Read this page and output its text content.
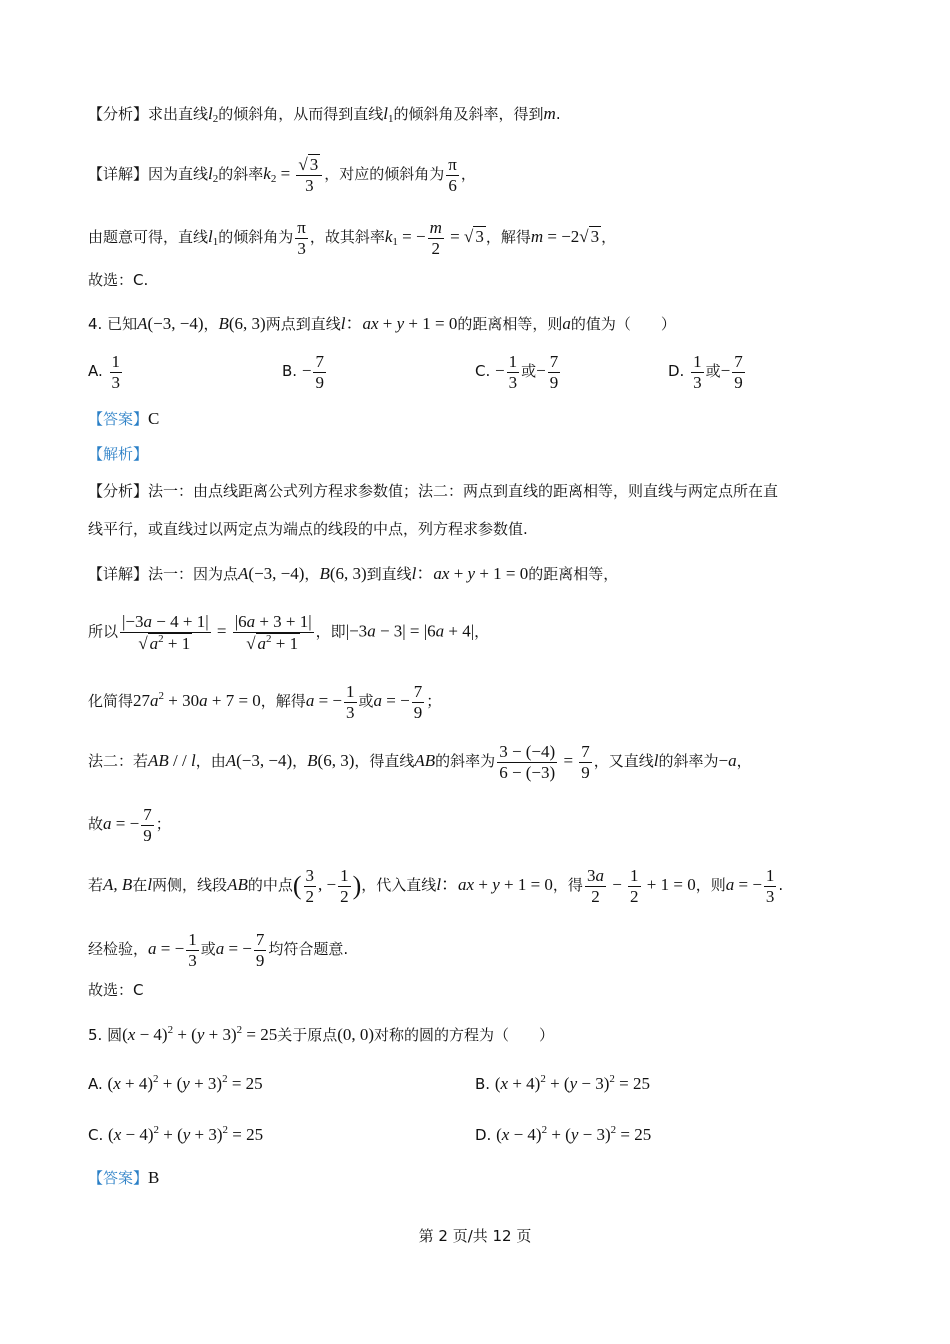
【分析】求出直线$l_2$的倾斜角，从而得到直线$l_1$的倾斜角及斜率，得到m.
【详解】因为直线$l_2$的斜率$k_2 = \frac{√ 3}{3}$ ，对应的倾斜角为 $\frac{\pi}{6}$ ，
由题意可得，直线$l_1$的倾斜角为 $\frac{\pi}{3}$ ，故其斜率$k_1$ = − $\frac{m}{2}$ = √ 3 ，解得m = −2√ 3 ，
故选：C.
4. 已知A(−3, −4)，B(6, 3)两点到直线l：ax + y + 1 = 0的距离相等，则a的值为（　　）
A. $\frac{1}{3}$	B. − $\frac{7}{9}$	C. − $\frac{1}{3}$ 或− $\frac{7}{9}$	D. $\frac{1}{3}$ 或− $\frac{7}{9}$
【答案】C
【解析】
【分析】法一：由点线距离公式列方程求参数值；法二：两点到直线的距离相等，则直线与两定点所在直
线平行，或直线过以两定点为端点的线段的中点，列方程求参数值.
【详解】法一：因为点A(−3, −4)，B(6, 3)到直线l：ax + y + 1 = 0的距离相等，
所以 $\frac{|-3a - 4 + 1|}{√ a^2 + 1} = \frac{|6a + 3 + 1|}{√ a^2 + 1}$ ，即|−3a − 3| = |6a + 4|，
化简得$27a^2 + 30a + 7 = 0$，解得a = − $\frac{1}{3}$ 或a = − $\frac{7}{9}$ ；
法二：若AB / / l，由A(−3, −4)，B(6, 3)，得直线AB的斜率为 $\frac{3 - (-4)}{6 - (-3)} = \frac{7}{9}$ ，又直线l的斜率为−a，
故a = − $\frac{7}{9}$ ；
若A, B在l两侧，线段AB的中点( $\frac{3}{2}$ , − $\frac{1}{2}$ )，代入直线l：ax + y + 1 = 0，得 $\frac{3a}{2} - \frac{1}{2} + 1 = 0$，则a = − $\frac{1}{3}$ .
经检验，a = − $\frac{1}{3}$ 或a = − $\frac{7}{9}$ 均符合题意.
故选：C
5. 圆$(x - 4)^2 + (y + 3)^2 = 25$关于原点(0, 0)对称的圆的方程为（　　）
A. $(x + 4)^2 + (y + 3)^2 = 25$	B. $(x + 4)^2 + (y - 3)^2 = 25$
C. $(x - 4)^2 + (y + 3)^2 = 25$	D. $(x - 4)^2 + (y - 3)^2 = 25$
【答案】B
第 2 页/共 12 页
